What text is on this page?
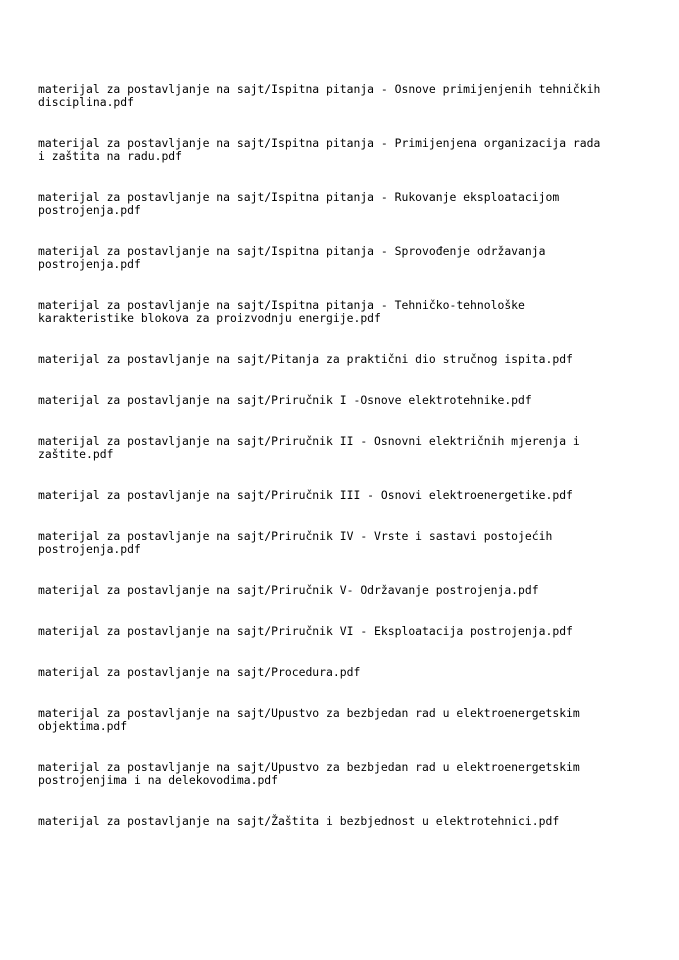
materijal za postavljanje na sajt/Ispitna pitanja - Osnove primijenjenih tehničkih
disciplina.pdf
materijal za postavljanje na sajt/Ispitna pitanja - Primijenjena organizacija rada
i zaštita na radu.pdf
materijal za postavljanje na sajt/Ispitna pitanja - Rukovanje eksploatacijom
postrojenja.pdf
materijal za postavljanje na sajt/Ispitna pitanja - Sprovođenje održavanja
postrojenja.pdf
materijal za postavljanje na sajt/Ispitna pitanja - Tehničko-tehnološke
karakteristike blokova za proizvodnju energije.pdf
materijal za postavljanje na sajt/Pitanja za praktični dio stručnog ispita.pdf
materijal za postavljanje na sajt/Priručnik I -Osnove elektrotehnike.pdf
materijal za postavljanje na sajt/Priručnik II - Osnovni električnih mjerenja i
zaštite.pdf
materijal za postavljanje na sajt/Priručnik III - Osnovi elektroenergetike.pdf
materijal za postavljanje na sajt/Priručnik IV - Vrste i sastavi postojećih
postrojenja.pdf
materijal za postavljanje na sajt/Priručnik V- Održavanje postrojenja.pdf
materijal za postavljanje na sajt/Priručnik VI - Eksploatacija postrojenja.pdf
materijal za postavljanje na sajt/Procedura.pdf
materijal za postavljanje na sajt/Upustvo za bezbjedan rad u elektroenergetskim
objektima.pdf
materijal za postavljanje na sajt/Upustvo za bezbjedan rad u elektroenergetskim
postrojenjima i na delekovodima.pdf
materijal za postavljanje na sajt/Žaštita i bezbjednost u elektrotehnici.pdf
